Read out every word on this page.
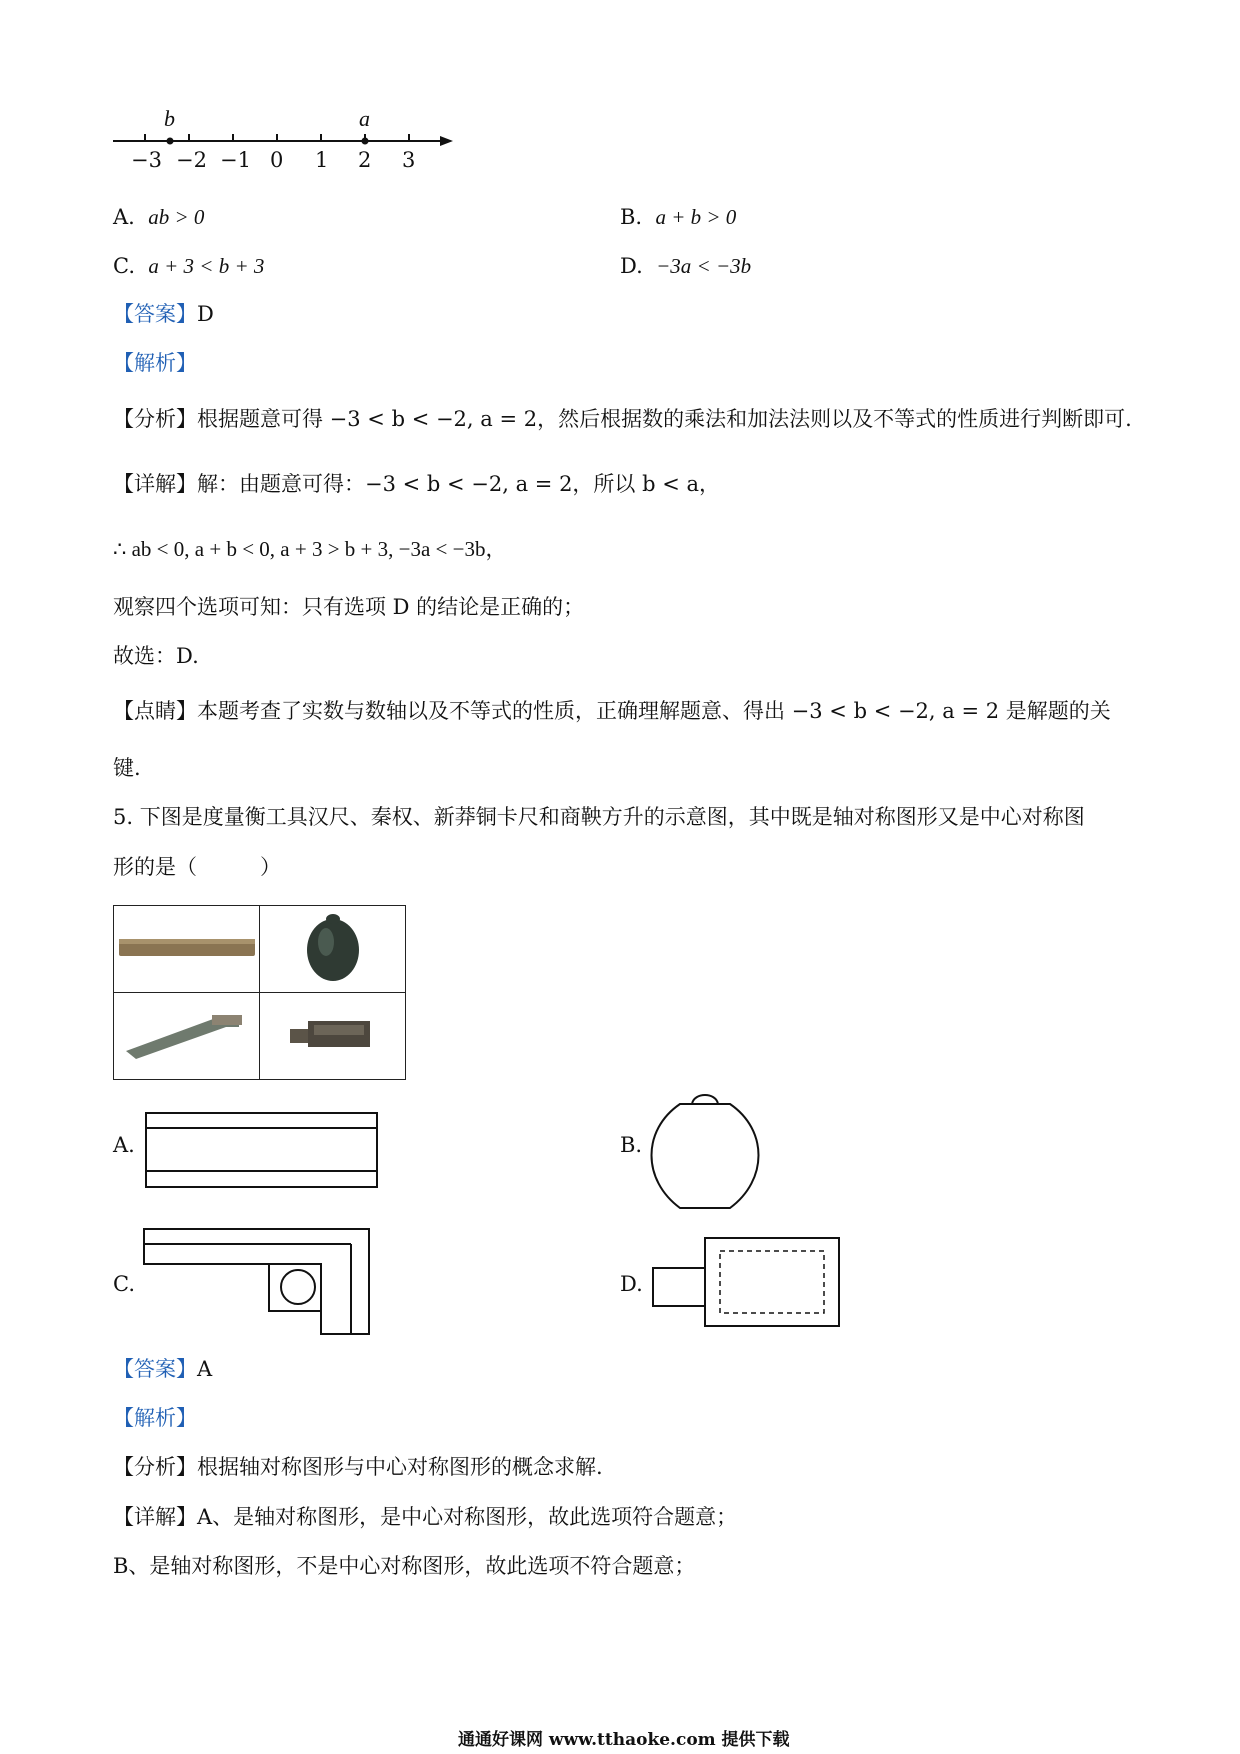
b	a
−3 −2 −1 0 1 2 3
A. ab > 0	B. a + b > 0
C. a + 3 < b + 3	D. −3a < −3b
【答案】D
【解析】
【分析】根据题意可得 −3 < b < −2, a = 2，然后根据数的乘法和加法法则以及不等式的性质进行判断即可.
【详解】解：由题意可得：−3 < b < −2, a = 2，所以 b < a，
∴ ab < 0, a + b < 0, a + 3 > b + 3, −3a < −3b，
观察四个选项可知：只有选项 D 的结论是正确的；
故选：D.
【点睛】本题考查了实数与数轴以及不等式的性质，正确理解题意、得出 −3 < b < −2, a = 2 是解题的关
键.
5. 下图是度量衡工具汉尺、秦权、新莽铜卡尺和商鞅方升的示意图，其中既是轴对称图形又是中心对称图
形的是（　　　）

A.	B.
C.	D.
【答案】A
【解析】
【分析】根据轴对称图形与中心对称图形的概念求解.
【详解】A、是轴对称图形，是中心对称图形，故此选项符合题意；
B、是轴对称图形，不是中心对称图形，故此选项不符合题意；
通通好课网 www.tthaoke.com 提供下载
